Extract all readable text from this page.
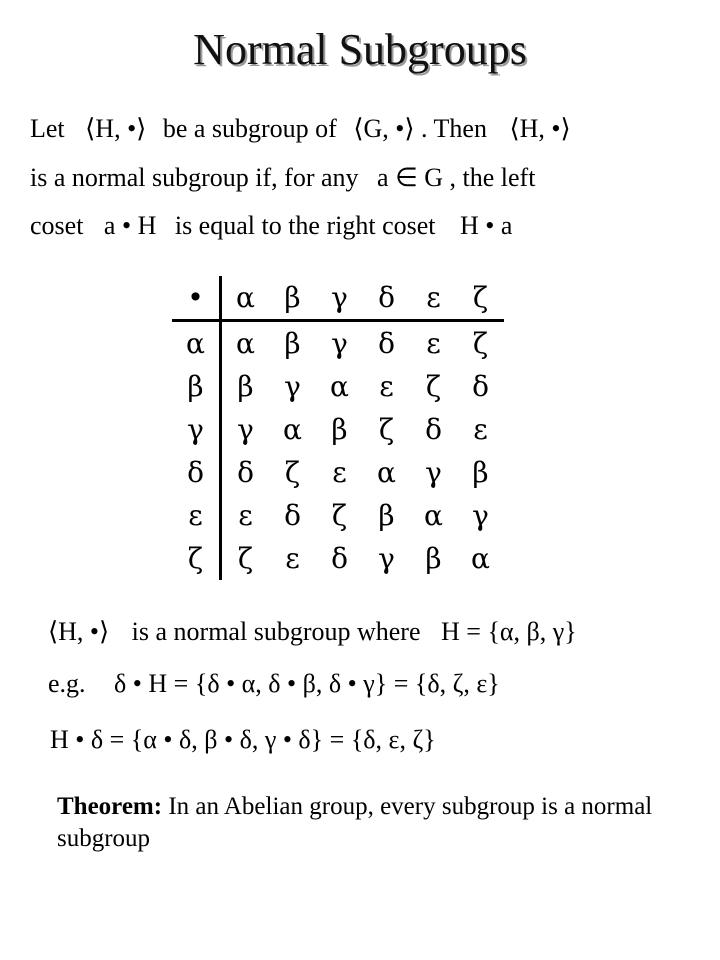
Normal Subgroups
Let ⟨H, •⟩ be a subgroup of ⟨G, •⟩ . Then ⟨H, •⟩
is a normal subgroup if, for any a ∈ G , the left
coset a • H is equal to the right coset H • a
•	α	β	γ	δ	ε	ζ
α	α	β	γ	δ	ε	ζ
β	β	γ	α	ε	ζ	δ
γ	γ	α	β	ζ	δ	ε
δ	δ	ζ	ε	α	γ	β
ε	ε	δ	ζ	β	α	γ
ζ	ζ	ε	δ	γ	β	α
⟨H, •⟩ is a normal subgroup where H = {α, β, γ}
e.g. δ • H = {δ • α, δ • β, δ • γ} = {δ, ζ, ε}
H • δ = {α • δ, β • δ, γ • δ} = {δ, ε, ζ}
Theorem: In an Abelian group, every subgroup is a normal subgroup
